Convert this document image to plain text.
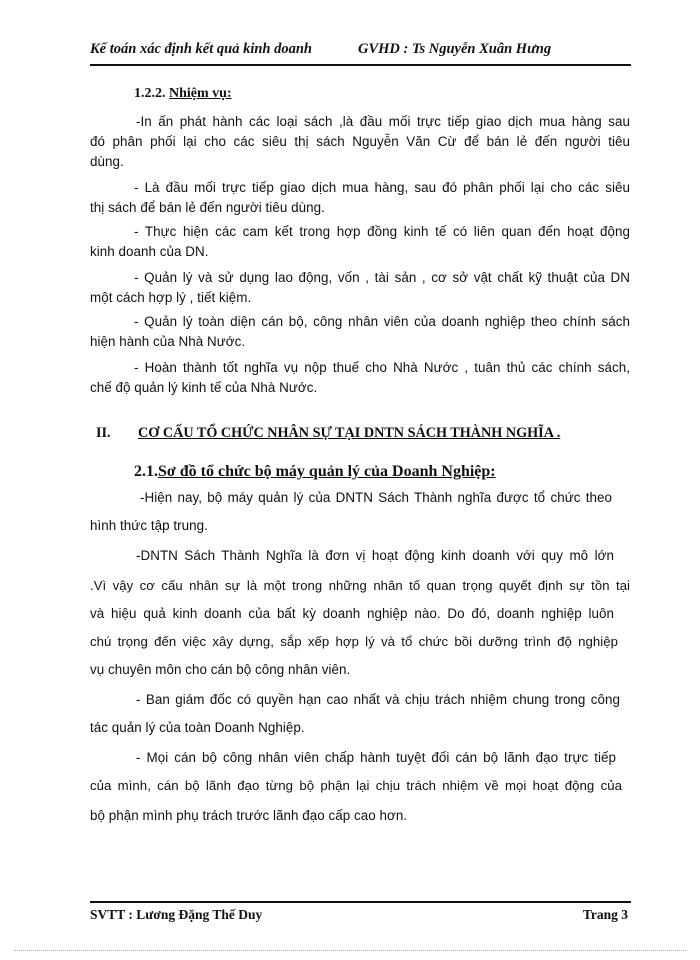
Kế toán xác định kết quả kinh doanh	GVHD : Ts Nguyễn Xuân Hưng
1.2.2. Nhiệm vụ:
-In ấn phát hành các loại sách ,là đầu mối trực tiếp giao dịch mua hàng sau
đó phân phối lại cho các siêu thị sách Nguyễn Văn Cừ để bán lẻ đến người tiêu
dùng.
- Là đầu mối trực tiếp giao dịch mua hàng, sau đó phân phối lại cho các siêu
thị sách để bán lẻ đến người tiêu dùng.
- Thực hiện các cam kết trong hợp đồng kinh tế có liên quan đến hoạt động
kinh doanh của DN.
- Quản lý và sử dụng lao động, vốn , tài sản , cơ sở vật chất kỹ thuật của DN
một cách hợp lý , tiết kiệm.
- Quản lý toàn diện cán bộ, công nhân viên của doanh nghiệp theo chính sách
hiện hành của Nhà Nước.
- Hoàn thành tốt nghĩa vụ nộp thuế cho Nhà Nước , tuân thủ các chính sách,
chế độ quản lý kinh tế của Nhà Nước.
II. CƠ CẤU TỔ CHỨC NHÂN SỰ TẠI DNTN SÁCH THÀNH NGHĨA .
2.1.Sơ đồ tổ chức bộ máy quản lý của Doanh Nghiệp:
-Hiện nay, bộ máy quản lý của DNTN Sách Thành nghĩa được tổ chức theo
hình thức tập trung.
-DNTN Sách Thành Nghĩa là đơn vị hoạt động kinh doanh với quy mô lớn
.Vì vậy cơ cấu nhân sự là một trong những nhân tố quan trọng quyết định sự tồn tại
và hiệu quả kinh doanh của bất kỳ doanh nghiệp nào. Do đó, doanh nghiệp luôn
chú trọng đến việc xây dựng, sắp xếp hợp lý và tổ chức bồi dưỡng trình độ nghiệp
vụ chuyên môn cho cán bộ công nhân viên.
- Ban giám đốc có quyền hạn cao nhất và chịu trách nhiệm chung trong công
tác quản lý của toàn Doanh Nghiệp.
- Mọi cán bộ công nhân viên chấp hành tuyệt đối cán bộ lãnh đạo trực tiếp
của mình, cán bộ lãnh đạo từng bộ phận lại chịu trách nhiệm về mọi hoạt động của
bộ phận mình phụ trách trước lãnh đạo cấp cao hơn.
SVTT : Lương Đặng Thế Duy	Trang 3
